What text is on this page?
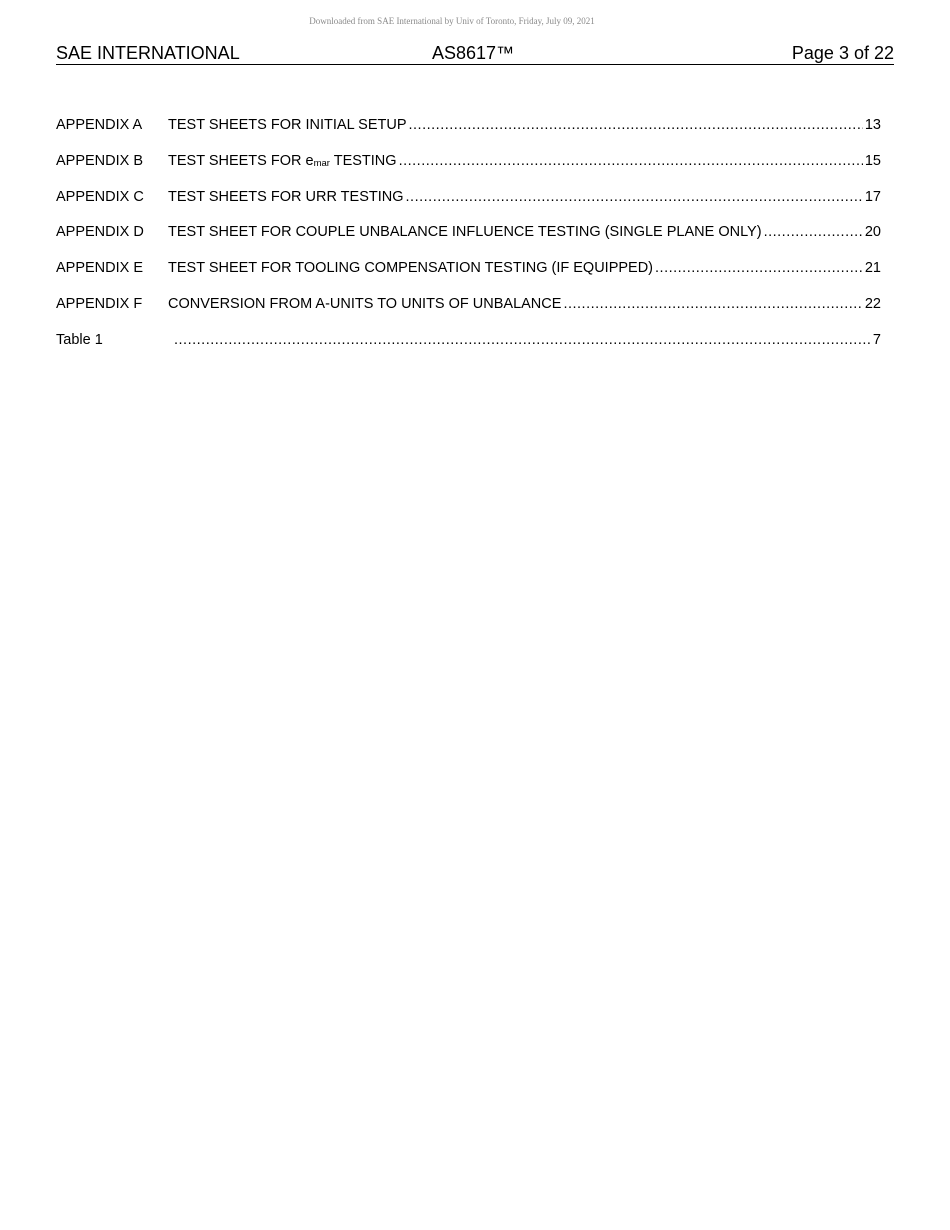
Downloaded from SAE International by Univ of Toronto, Friday, July 09, 2021
SAE INTERNATIONAL	AS8617™	Page 3 of 22
APPENDIX A	TEST SHEETS FOR INITIAL SETUP .....	13
APPENDIX B	TEST SHEETS FOR $e_{mar}$ TESTING .....	15
APPENDIX C	TEST SHEETS FOR URR TESTING .....	17
APPENDIX D	TEST SHEET FOR COUPLE UNBALANCE INFLUENCE TESTING (SINGLE PLANE ONLY) .....	20
APPENDIX E	TEST SHEET FOR TOOLING COMPENSATION TESTING (IF EQUIPPED) .....	21
APPENDIX F	CONVERSION FROM A-UNITS TO UNITS OF UNBALANCE .....	22
Table 1 .....	7
